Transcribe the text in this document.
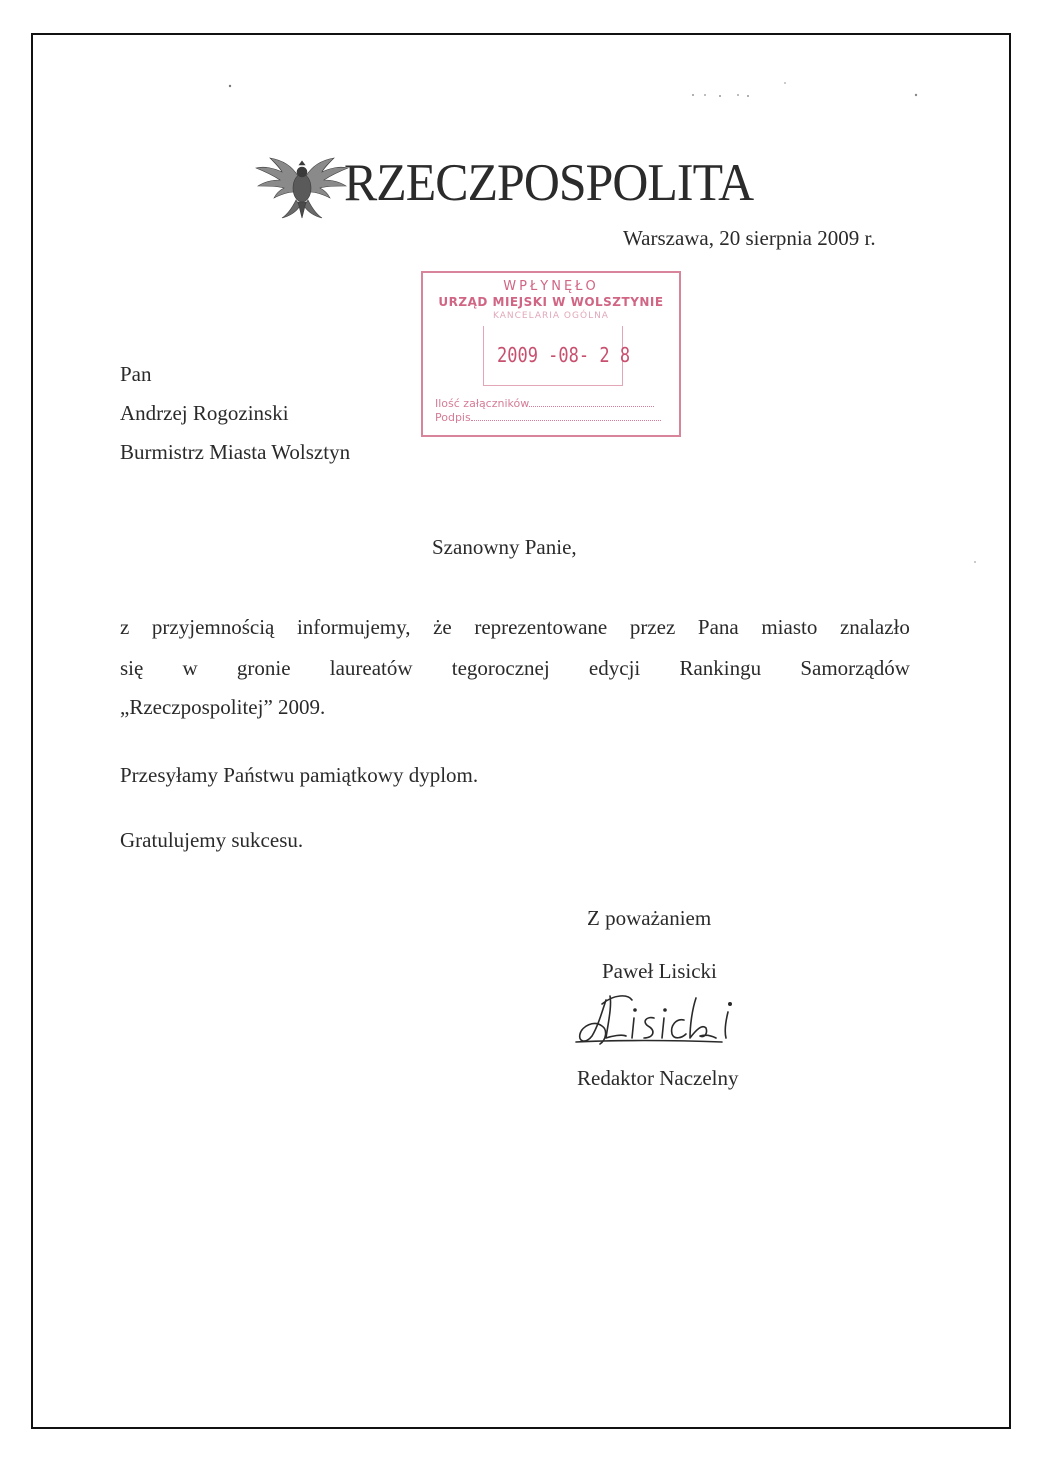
RZECZPOSPOLITA
Warszawa, 20 sierpnia 2009 r.
WPŁYNĘŁO
URZĄD MIEJSKI W WOLSZTYNIE
KANCELARIA OGÓLNA
2009 -08- 2 8
Ilość załączników
Podpis
Pan
Andrzej Rogozinski
Burmistrz Miasta Wolsztyn
Szanowny Panie,
z przyjemnością informujemy, że reprezentowane przez Pana miasto znalazło
się w gronie laureatów tegorocznej edycji Rankingu Samorządów
„Rzeczpospolitej” 2009.
Przesyłamy Państwu pamiątkowy dyplom.
Gratulujemy sukcesu.
Z poważaniem
Paweł Lisicki
Redaktor Naczelny
